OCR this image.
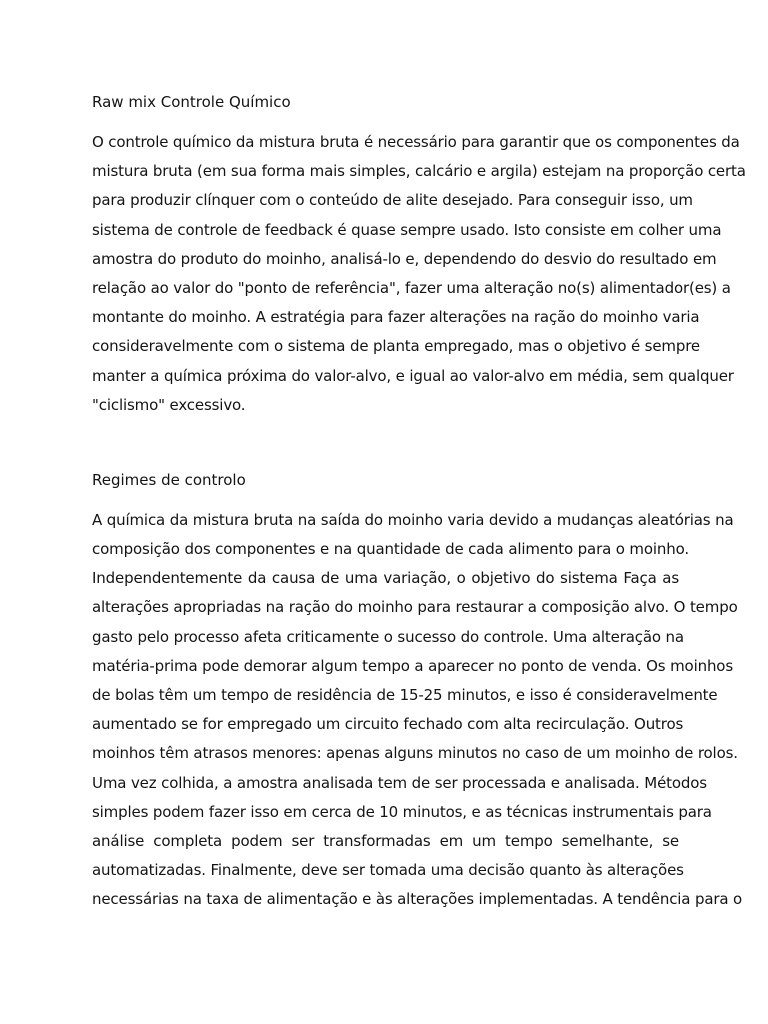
Raw mix Controle Químico
O controle químico da mistura bruta é necessário para garantir que os componentes da
mistura bruta (em sua forma mais simples, calcário e argila) estejam na proporção certa
para produzir clínquer com o conteúdo de alite desejado. Para conseguir isso, um
sistema de controle de feedback é quase sempre usado. Isto consiste em colher uma
amostra do produto do moinho, analisá-lo e, dependendo do desvio do resultado em
relação ao valor do "ponto de referência", fazer uma alteração no(s) alimentador(es) a
montante do moinho. A estratégia para fazer alterações na ração do moinho varia
consideravelmente com o sistema de planta empregado, mas o objetivo é sempre
manter a química próxima do valor-alvo, e igual ao valor-alvo em média, sem qualquer
"ciclismo" excessivo.
Regimes de controlo
A química da mistura bruta na saída do moinho varia devido a mudanças aleatórias na
composição dos componentes e na quantidade de cada alimento para o moinho.
Independentemente da causa de uma variação, o objetivo do sistema Faça as
alterações apropriadas na ração do moinho para restaurar a composição alvo. O tempo
gasto pelo processo afeta criticamente o sucesso do controle. Uma alteração na
matéria-prima pode demorar algum tempo a aparecer no ponto de venda. Os moinhos
de bolas têm um tempo de residência de 15-25 minutos, e isso é consideravelmente
aumentado se for empregado um circuito fechado com alta recirculação. Outros
moinhos têm atrasos menores: apenas alguns minutos no caso de um moinho de rolos.
Uma vez colhida, a amostra analisada tem de ser processada e analisada. Métodos
simples podem fazer isso em cerca de 10 minutos, e as técnicas instrumentais para
análise completa podem ser transformadas em um tempo semelhante, se
automatizadas. Finalmente, deve ser tomada uma decisão quanto às alterações
necessárias na taxa de alimentação e às alterações implementadas. A tendência para o
